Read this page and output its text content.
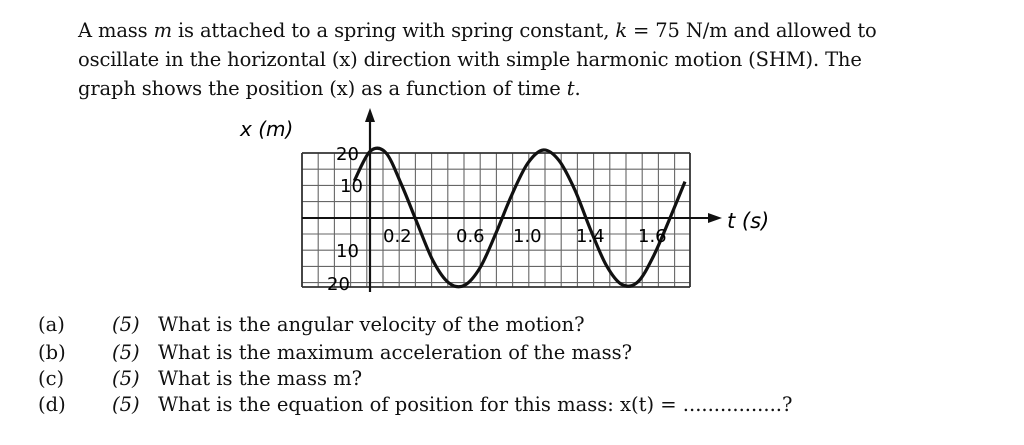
A mass m is attached to a spring with spring constant, k = 75 N/m and allowed to
oscillate in the horizontal (x) direction with simple harmonic motion (SHM). The
graph shows the position (x) as a function of time t.
x (m)
t (s)
20
10
10
20
0.2 0.6 1.0 1.4 1.6
(a) (5) What is the angular velocity of the motion?
(b) (5) What is the maximum acceleration of the mass?
(c) (5) What is the mass m?
(d) (5) What is the equation of position for this mass: x(t) = ................?
